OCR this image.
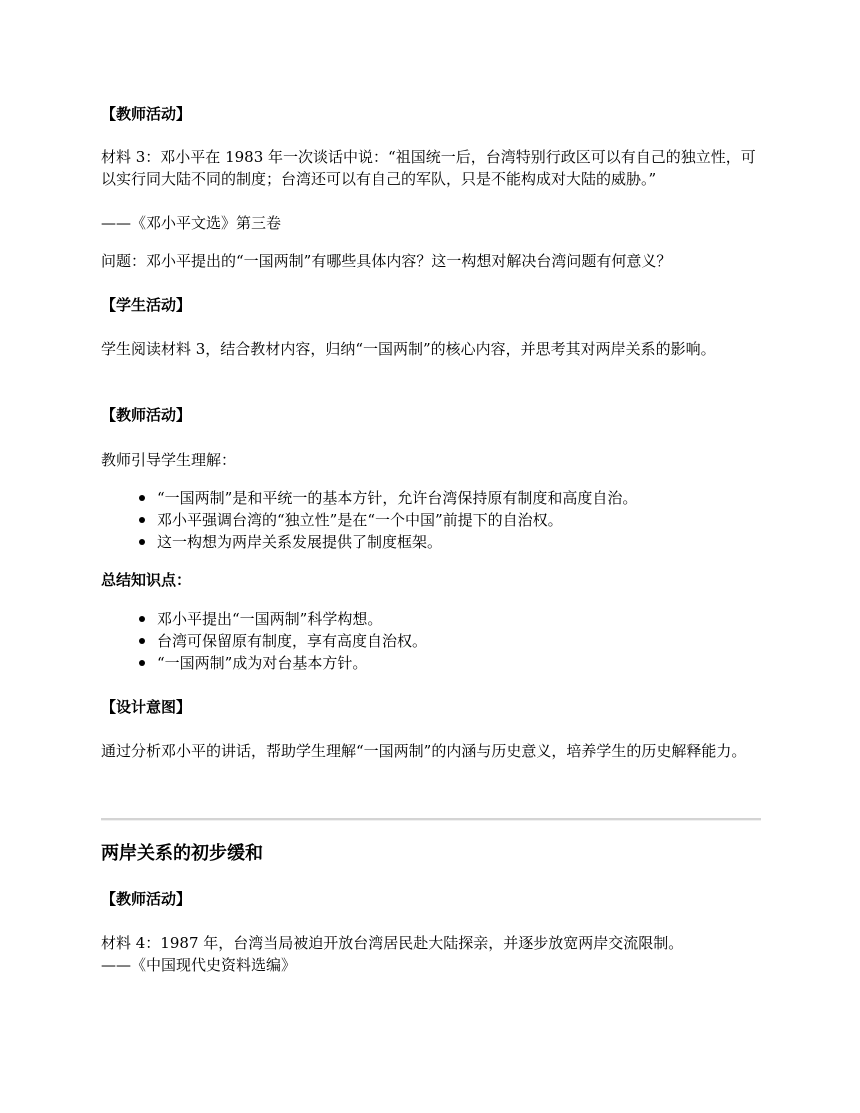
【教师活动】

材料 3：邓小平在 1983 年一次谈话中说：“祖国统一后，台湾特别行政区可以有自己的独立性，可以实行同大陆不同的制度；台湾还可以有自己的军队，只是不能构成对大陆的威胁。”

——《邓小平文选》第三卷

问题：邓小平提出的“一国两制”有哪些具体内容？这一构想对解决台湾问题有何意义？

【学生活动】

学生阅读材料 3，结合教材内容，归纳“一国两制”的核心内容，并思考其对两岸关系的影响。

【教师活动】

教师引导学生理解：

“一国两制”是和平统一的基本方针，允许台湾保持原有制度和高度自治。
邓小平强调台湾的“独立性”是在“一个中国”前提下的自治权。
这一构想为两岸关系发展提供了制度框架。

总结知识点：

邓小平提出“一国两制”科学构想。
台湾可保留原有制度，享有高度自治权。
“一国两制”成为对台基本方针。

【设计意图】

通过分析邓小平的讲话，帮助学生理解“一国两制”的内涵与历史意义，培养学生的历史解释能力。

两岸关系的初步缓和

【教师活动】

材料 4：1987 年，台湾当局被迫开放台湾居民赴大陆探亲，并逐步放宽两岸交流限制。

——《中国现代史资料选编》
